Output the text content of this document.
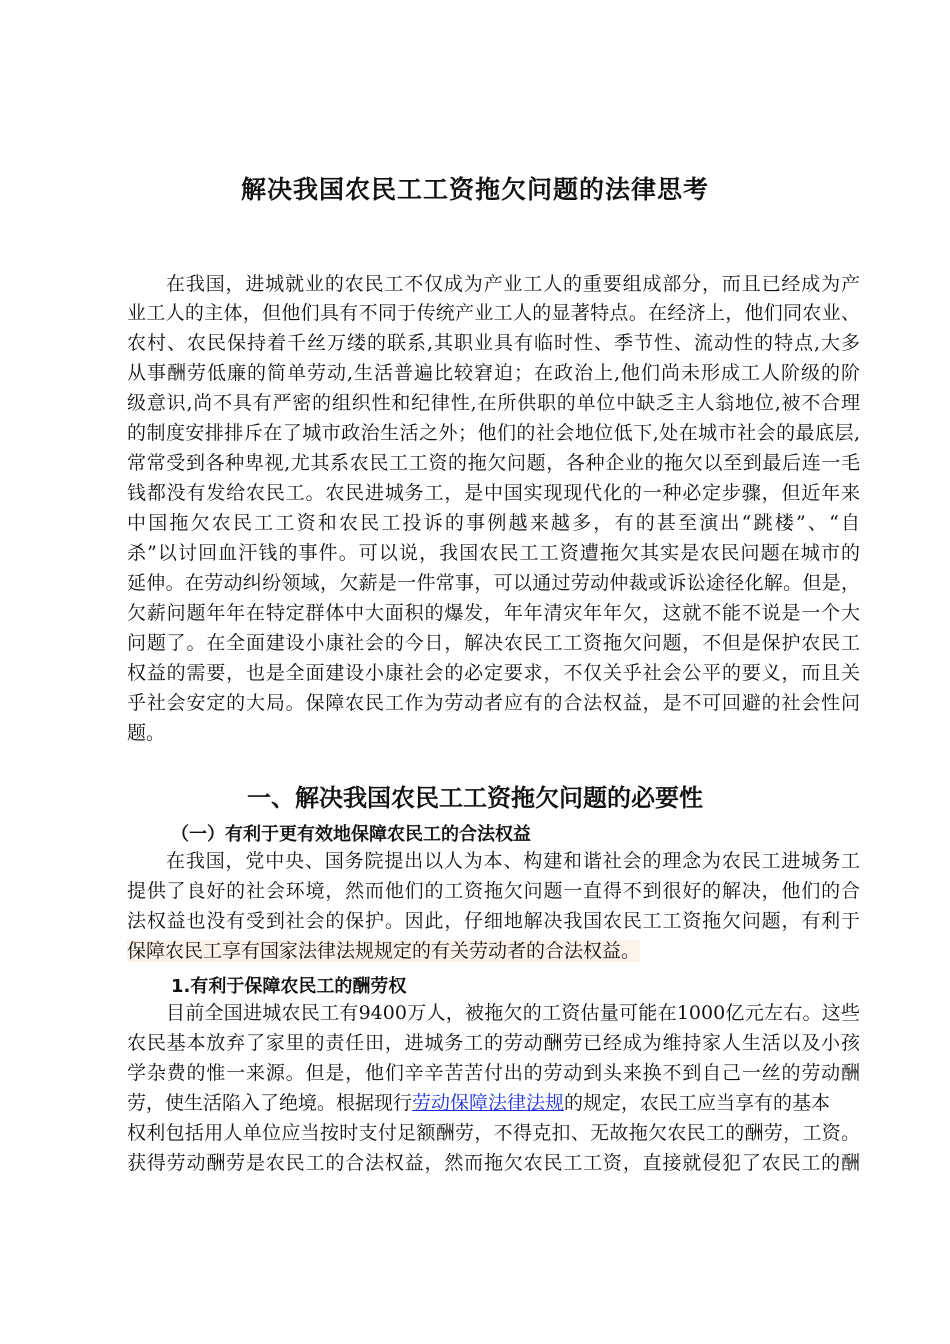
解决我国农民工工资拖欠问题的法律思考
在我国，进城就业的农民工不仅成为产业工人的重要组成部分，而且已经成为产
业工人的主体，但他们具有不同于传统产业工人的显著特点。在经济上，他们同农业、
农村、农民保持着千丝万缕的联系,其职业具有临时性、季节性、流动性的特点,大多
从事酬劳低廉的简单劳动,生活普遍比较窘迫；在政治上,他们尚未形成工人阶级的阶
级意识,尚不具有严密的组织性和纪律性,在所供职的单位中缺乏主人翁地位,被不合理
的制度安排排斥在了城市政治生活之外；他们的社会地位低下,处在城市社会的最底层,
常常受到各种卑视,尤其系农民工工资的拖欠问题，各种企业的拖欠以至到最后连一毛
钱都没有发给农民工。农民进城务工，是中国实现现代化的一种必定步骤，但近年来
中国拖欠农民工工资和农民工投诉的事例越来越多，有的甚至演出“跳楼”、“自
杀”以讨回血汗钱的事件。可以说，我国农民工工资遭拖欠其实是农民问题在城市的
延伸。在劳动纠纷领域，欠薪是一件常事，可以通过劳动仲裁或诉讼途径化解。但是，
欠薪问题年年在特定群体中大面积的爆发，年年清灾年年欠，这就不能不说是一个大
问题了。在全面建设小康社会的今日，解决农民工工资拖欠问题，不但是保护农民工
权益的需要，也是全面建设小康社会的必定要求，不仅关乎社会公平的要义，而且关
乎社会安定的大局。保障农民工作为劳动者应有的合法权益，是不可回避的社会性问
题。
一、解决我国农民工工资拖欠问题的必要性
（一）有利于更有效地保障农民工的合法权益
在我国，党中央、国务院提出以人为本、构建和谐社会的理念为农民工进城务工
提供了良好的社会环境，然而他们的工资拖欠问题一直得不到很好的解决，他们的合
法权益也没有受到社会的保护。因此，仔细地解决我国农民工工资拖欠问题，有利于
保障农民工享有国家法律法规规定的有关劳动者的合法权益。
1.有利于保障农民工的酬劳权
目前全国进城农民工有9400万人，被拖欠的工资估量可能在1000亿元左右。这些
农民基本放弃了家里的责任田，进城务工的劳动酬劳已经成为维持家人生活以及小孩
学杂费的惟一来源。但是，他们辛辛苦苦付出的劳动到头来换不到自己一丝的劳动酬
劳，使生活陷入了绝境。根据现行劳动保障法律法规的规定，农民工应当享有的基本
权利包括用人单位应当按时支付足额酬劳，不得克扣、无故拖欠农民工的酬劳，工资。
获得劳动酬劳是农民工的合法权益，然而拖欠农民工工资，直接就侵犯了农民工的酬
